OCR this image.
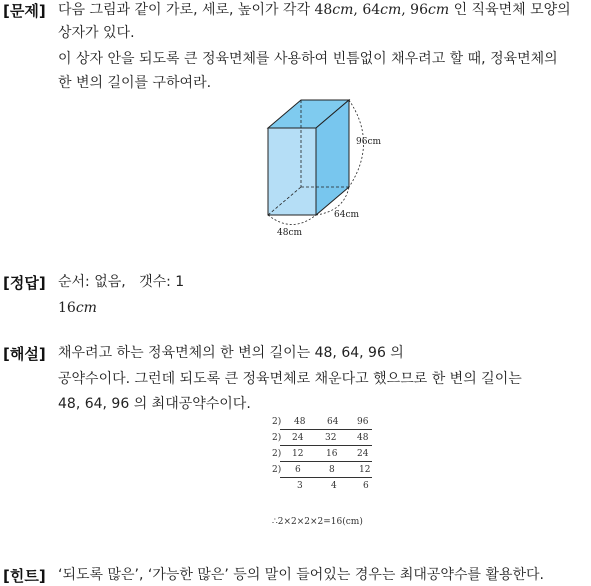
[문제] 다음 그림과 같이 가로, 세로, 높이가 각각 48cm, 64cm, 96cm 인 직육면체 모양의
상자가 있다.
이 상자 안을 되도록 큰 정육면체를 사용하여 빈틈없이 채우려고 할 때, 정육면체의
한 변의 길이를 구하여라.
96cm
64cm
48cm
[정답] 순서: 없음, 갯수: 1
16cm
[해설] 채우려고 하는 정육면체의 한 변의 길이는 48, 64, 96 의
공약수이다. 그런데 되도록 큰 정육면체로 채운다고 했으므로 한 변의 길이는
48, 64, 96 의 최대공약수이다.
2) 48 64 96
2) 24 32 48
2) 12	16 24
2) 6	8	12
3	4	6
∴2×2×2×2=16(cm)
[힌트] ‘되도록 많은’, ‘가능한 많은’ 등의 말이 들어있는 경우는 최대공약수를 활용한다.
